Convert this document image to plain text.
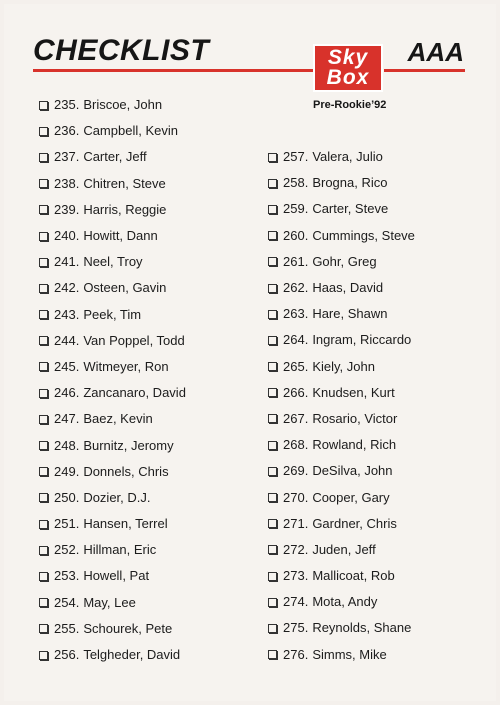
CHECKLIST	AAA
Sky
Box
Pre-Rookie’92
235. Briscoe, John
236. Campbell, Kevin
237. Carter, Jeff
238. Chitren, Steve
239. Harris, Reggie
240. Howitt, Dann
241. Neel, Troy
242. Osteen, Gavin
243. Peek, Tim
244. Van Poppel, Todd
245. Witmeyer, Ron
246. Zancanaro, David
247. Baez, Kevin
248. Burnitz, Jeromy
249. Donnels, Chris
250. Dozier, D.J.
251. Hansen, Terrel
252. Hillman, Eric
253. Howell, Pat
254. May, Lee
255. Schourek, Pete
256. Telgheder, David
257. Valera, Julio
258. Brogna, Rico
259. Carter, Steve
260. Cummings, Steve
261. Gohr, Greg
262. Haas, David
263. Hare, Shawn
264. Ingram, Riccardo
265. Kiely, John
266. Knudsen, Kurt
267. Rosario, Victor
268. Rowland, Rich
269. DeSilva, John
270. Cooper, Gary
271. Gardner, Chris
272. Juden, Jeff
273. Mallicoat, Rob
274. Mota, Andy
275. Reynolds, Shane
276. Simms, Mike
